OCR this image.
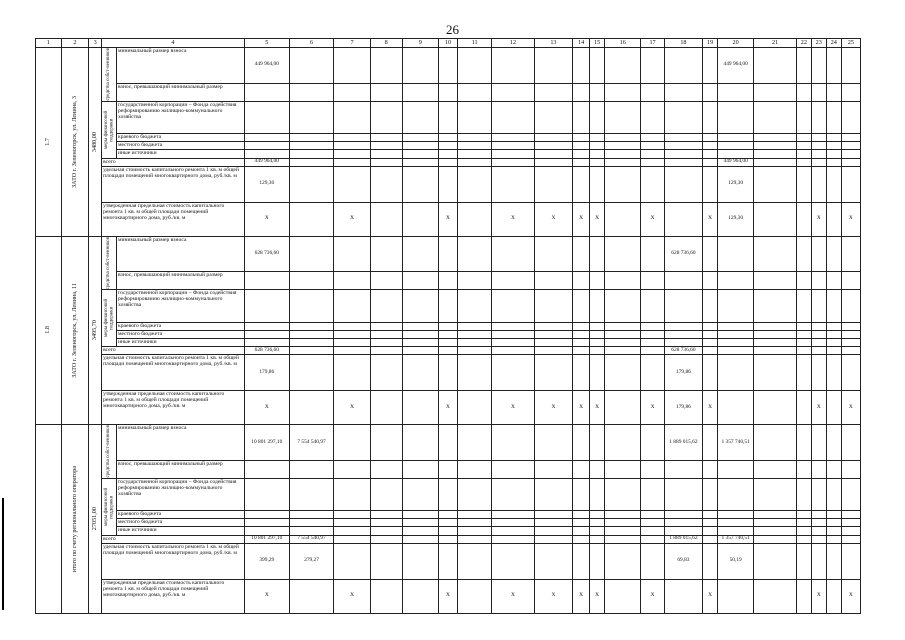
26
1	2	3	4		5	6	7	8	9	10	11	12	13	14	15	16	17	18	19	20	21	22	23	24	25

1.7	ЗАТО г. Зеленогорск, ул. Ленина, 3	3480,00	средства собст-венников	минимальный размер взноса	449 964,00															449 964,00					
				взнос, превышающий минимальный размер																					

			меры финансовой поддержки	государственной корпорации – Фонда содействия реформированию жилищно-коммунального хозяйства																					
				краевого бюджета																					
				местного бюджета																					
				иные источники																					
			всего		449 964,00															449 964,00					
			удельная стоимость капитального ремонта 1 кв. м общей площади помещений многоквартирного дома, руб./кв. м		129,30															129,30					
			утвержденная предельная стоимость капитального ремонта 1 кв. м общей площади помещений многоквартирного дома, руб./кв. м		X		X			X		X	X	X	X		X		X	129,30			X		X

1.8	ЗАТО г. Зеленогорск, ул. Ленина, 11	3495,70	средства собст-венников	минимальный размер взноса	628 736,60													628 736,60							
				взнос, превышающий минимальный размер																					

			меры финансовой поддержки	государственной корпорации – Фонда содействия реформированию жилищно-коммунального хозяйства																					
				краевого бюджета																					
				местного бюджета																					
				иные источники																					
			всего		628 736,60													628 736,60							
			удельная стоимость капитального ремонта 1 кв. м общей площади помещений многоквартирного дома, руб./кв. м		179,86													179,86							
			утвержденная предельная стоимость капитального ремонта 1 кв. м общей площади помещений многоквартирного дома, руб./кв. м		X		X			X		X	X	X	X		X	179,86	X				X		X

	итого по счету регионального оператора	27051,00	средства собст-венников	минимальный размер взноса	10 801 297,10	7 554 540,97												1 889 015,62		1 357 740,51					
				взнос, превышающий минимальный размер																					

			меры финансовой поддержки	государственной корпорации – Фонда содействия реформированию жилищно-коммунального хозяйства																					
				краевого бюджета																					
				местного бюджета																					
				иные источники																					
			всего		10 801 297,10	7 554 540,97												1 889 015,62		1 357 740,51					
			удельная стоимость капитального ремонта 1 кв. м общей площади помещений многоквартирного дома, руб./кв. м		399,29	279,27												69,83		50,19					
			утвержденная предельная стоимость капитального ремонта 1 кв. м общей площади помещений многоквартирного дома, руб./кв. м		X		X			X		X	X	X	X		X		X				X		X
